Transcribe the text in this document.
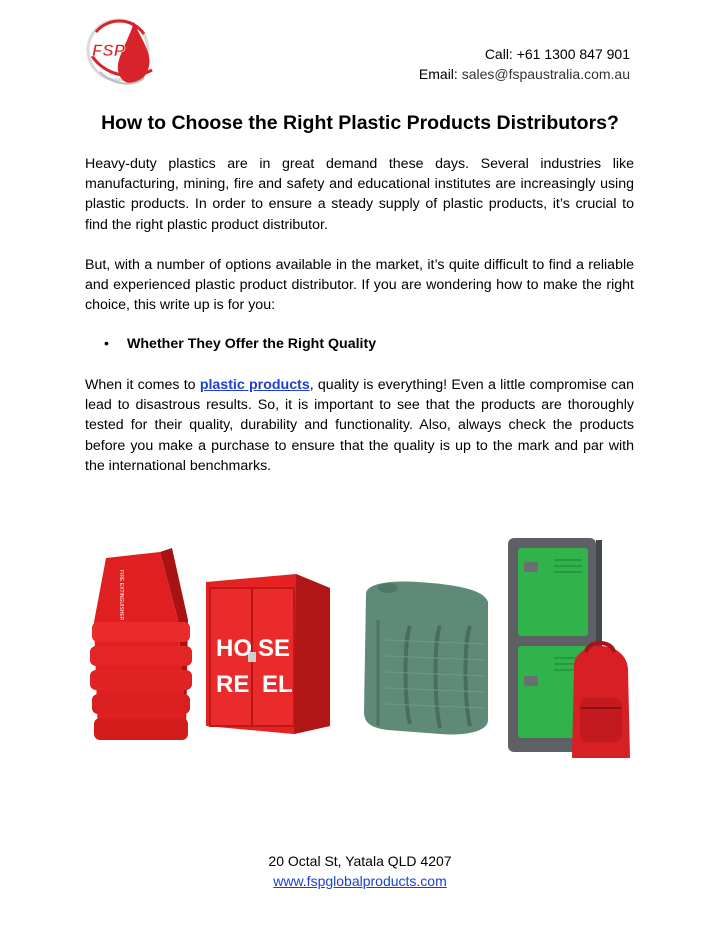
FSP	Call: +61 1300 847 901
Email: sales@fspaustralia.com.au
How to Choose the Right Plastic Products Distributors?

Heavy-duty plastics are in great demand these days. Several industries like manufacturing, mining, fire and safety and educational institutes are increasingly using plastic products. In order to ensure a steady supply of plastic products, it’s crucial to find the right plastic product distributor.

But, with a number of options available in the market, it’s quite difficult to find a reliable and experienced plastic product distributor. If you are wondering how to make the right choice, this write up is for you:

•	Whether They Offer the Right Quality

When it comes to plastic products, quality is everything! Even a little compromise can lead to disastrous results. So, it is important to see that the products are thoroughly tested for their quality, durability and functionality. Also, always check the products before you make a purchase to ensure that the quality is up to the mark and par with the international benchmarks.

FIRE EXTINGUISHER
HO SE
RE EL
20 Octal St, Yatala QLD 4207
www.fspglobalproducts.com
